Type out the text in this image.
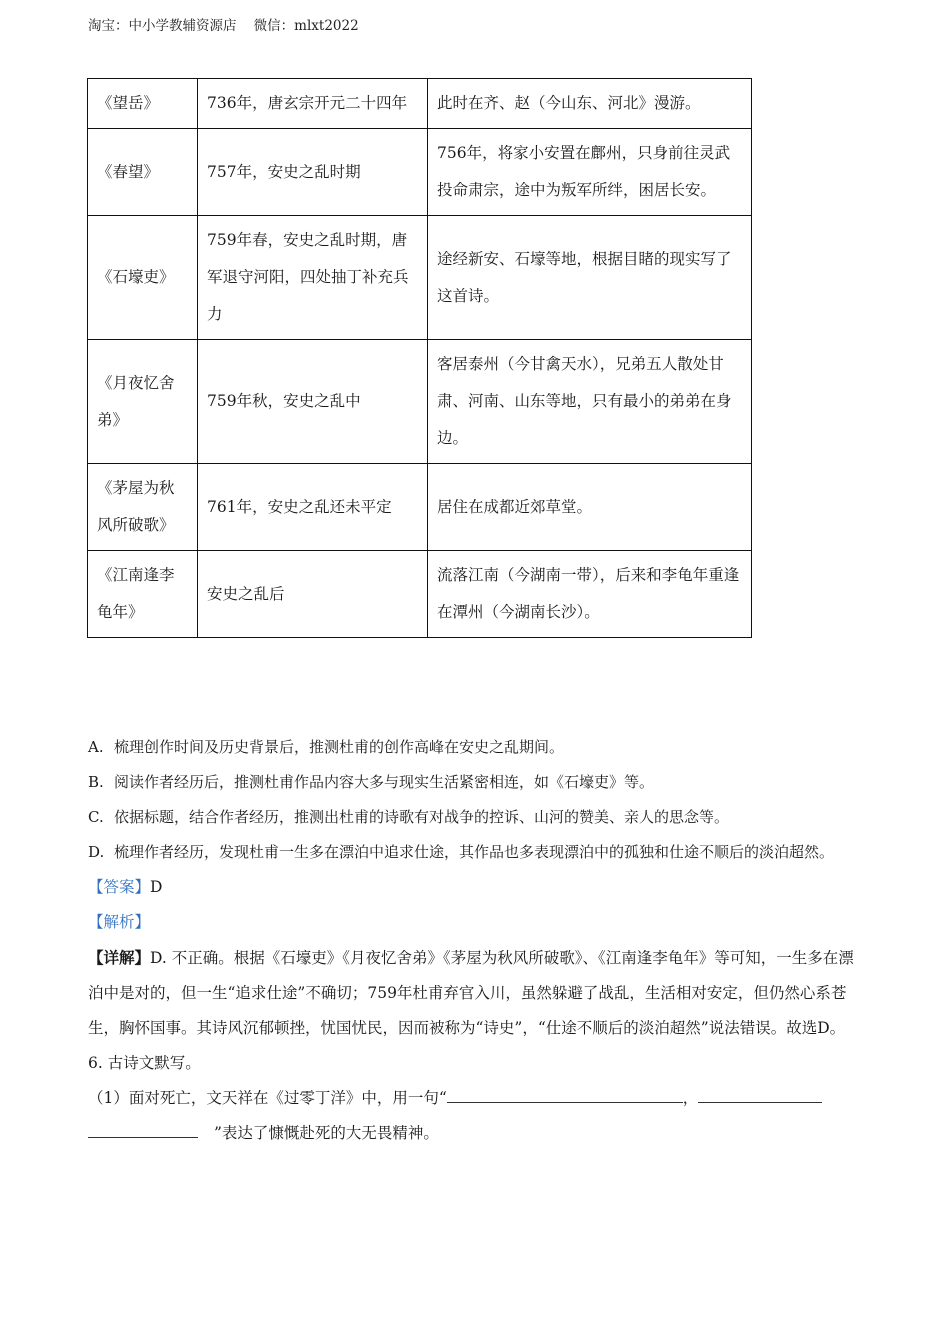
淘宝：中小学教辅资源店    微信：mlxt2022
《望岳》	736年，唐玄宗开元二十四年	此时在齐、赵（今山东、河北》漫游。
《春望》	757年，安史之乱时期	756年，将家小安置在鄜州，只身前往灵武投命肃宗，途中为叛军所绊，困居长安。
《石壕吏》	759年春，安史之乱时期，唐军退守河阳，四处抽丁补充兵力	途经新安、石壕等地，根据目睹的现实写了这首诗。
《月夜忆舍弟》	759年秋，安史之乱中	客居泰州（今甘禽天水），兄弟五人散处甘肃、河南、山东等地，只有最小的弟弟在身边。
《茅屋为秋风所破歌》	761年，安史之乱还未平定	居住在成都近郊草堂。
《江南逢李龟年》	安史之乱后	流落江南（今湖南一带），后来和李龟年重逢在潭州（今湖南长沙）。

A. 梳理创作时间及历史背景后，推测杜甫的创作高峰在安史之乱期间。

B. 阅读作者经历后，推测杜甫作品内容大多与现实生活紧密相连，如《石壕吏》等。

C. 依据标题，结合作者经历，推测出杜甫的诗歌有对战争的控诉、山河的赞美、亲人的思念等。

D. 梳理作者经历，发现杜甫一生多在漂泊中追求仕途，其作品也多表现漂泊中的孤独和仕途不顺后的淡泊超然。

【答案】D

【解析】

【详解】D. 不正确。根据《石壕吏》《月夜忆舍弟》《茅屋为秋风所破歌》、《江南逢李龟年》等可知，一生多在漂泊中是对的，但一生“追求仕途”不确切；759年杜甫弃官入川，虽然躲避了战乱，生活相对安定，但仍然心系苍生，胸怀国事。其诗风沉郁顿挫，忧国忧民，因而被称为“诗史”，“仕途不顺后的淡泊超然”说法错误。故选D。

6. 古诗文默写。

（1）面对死亡，文天祥在《过零丁洋》中，用一句“	，
”表达了慷慨赴死的大无畏精神。
